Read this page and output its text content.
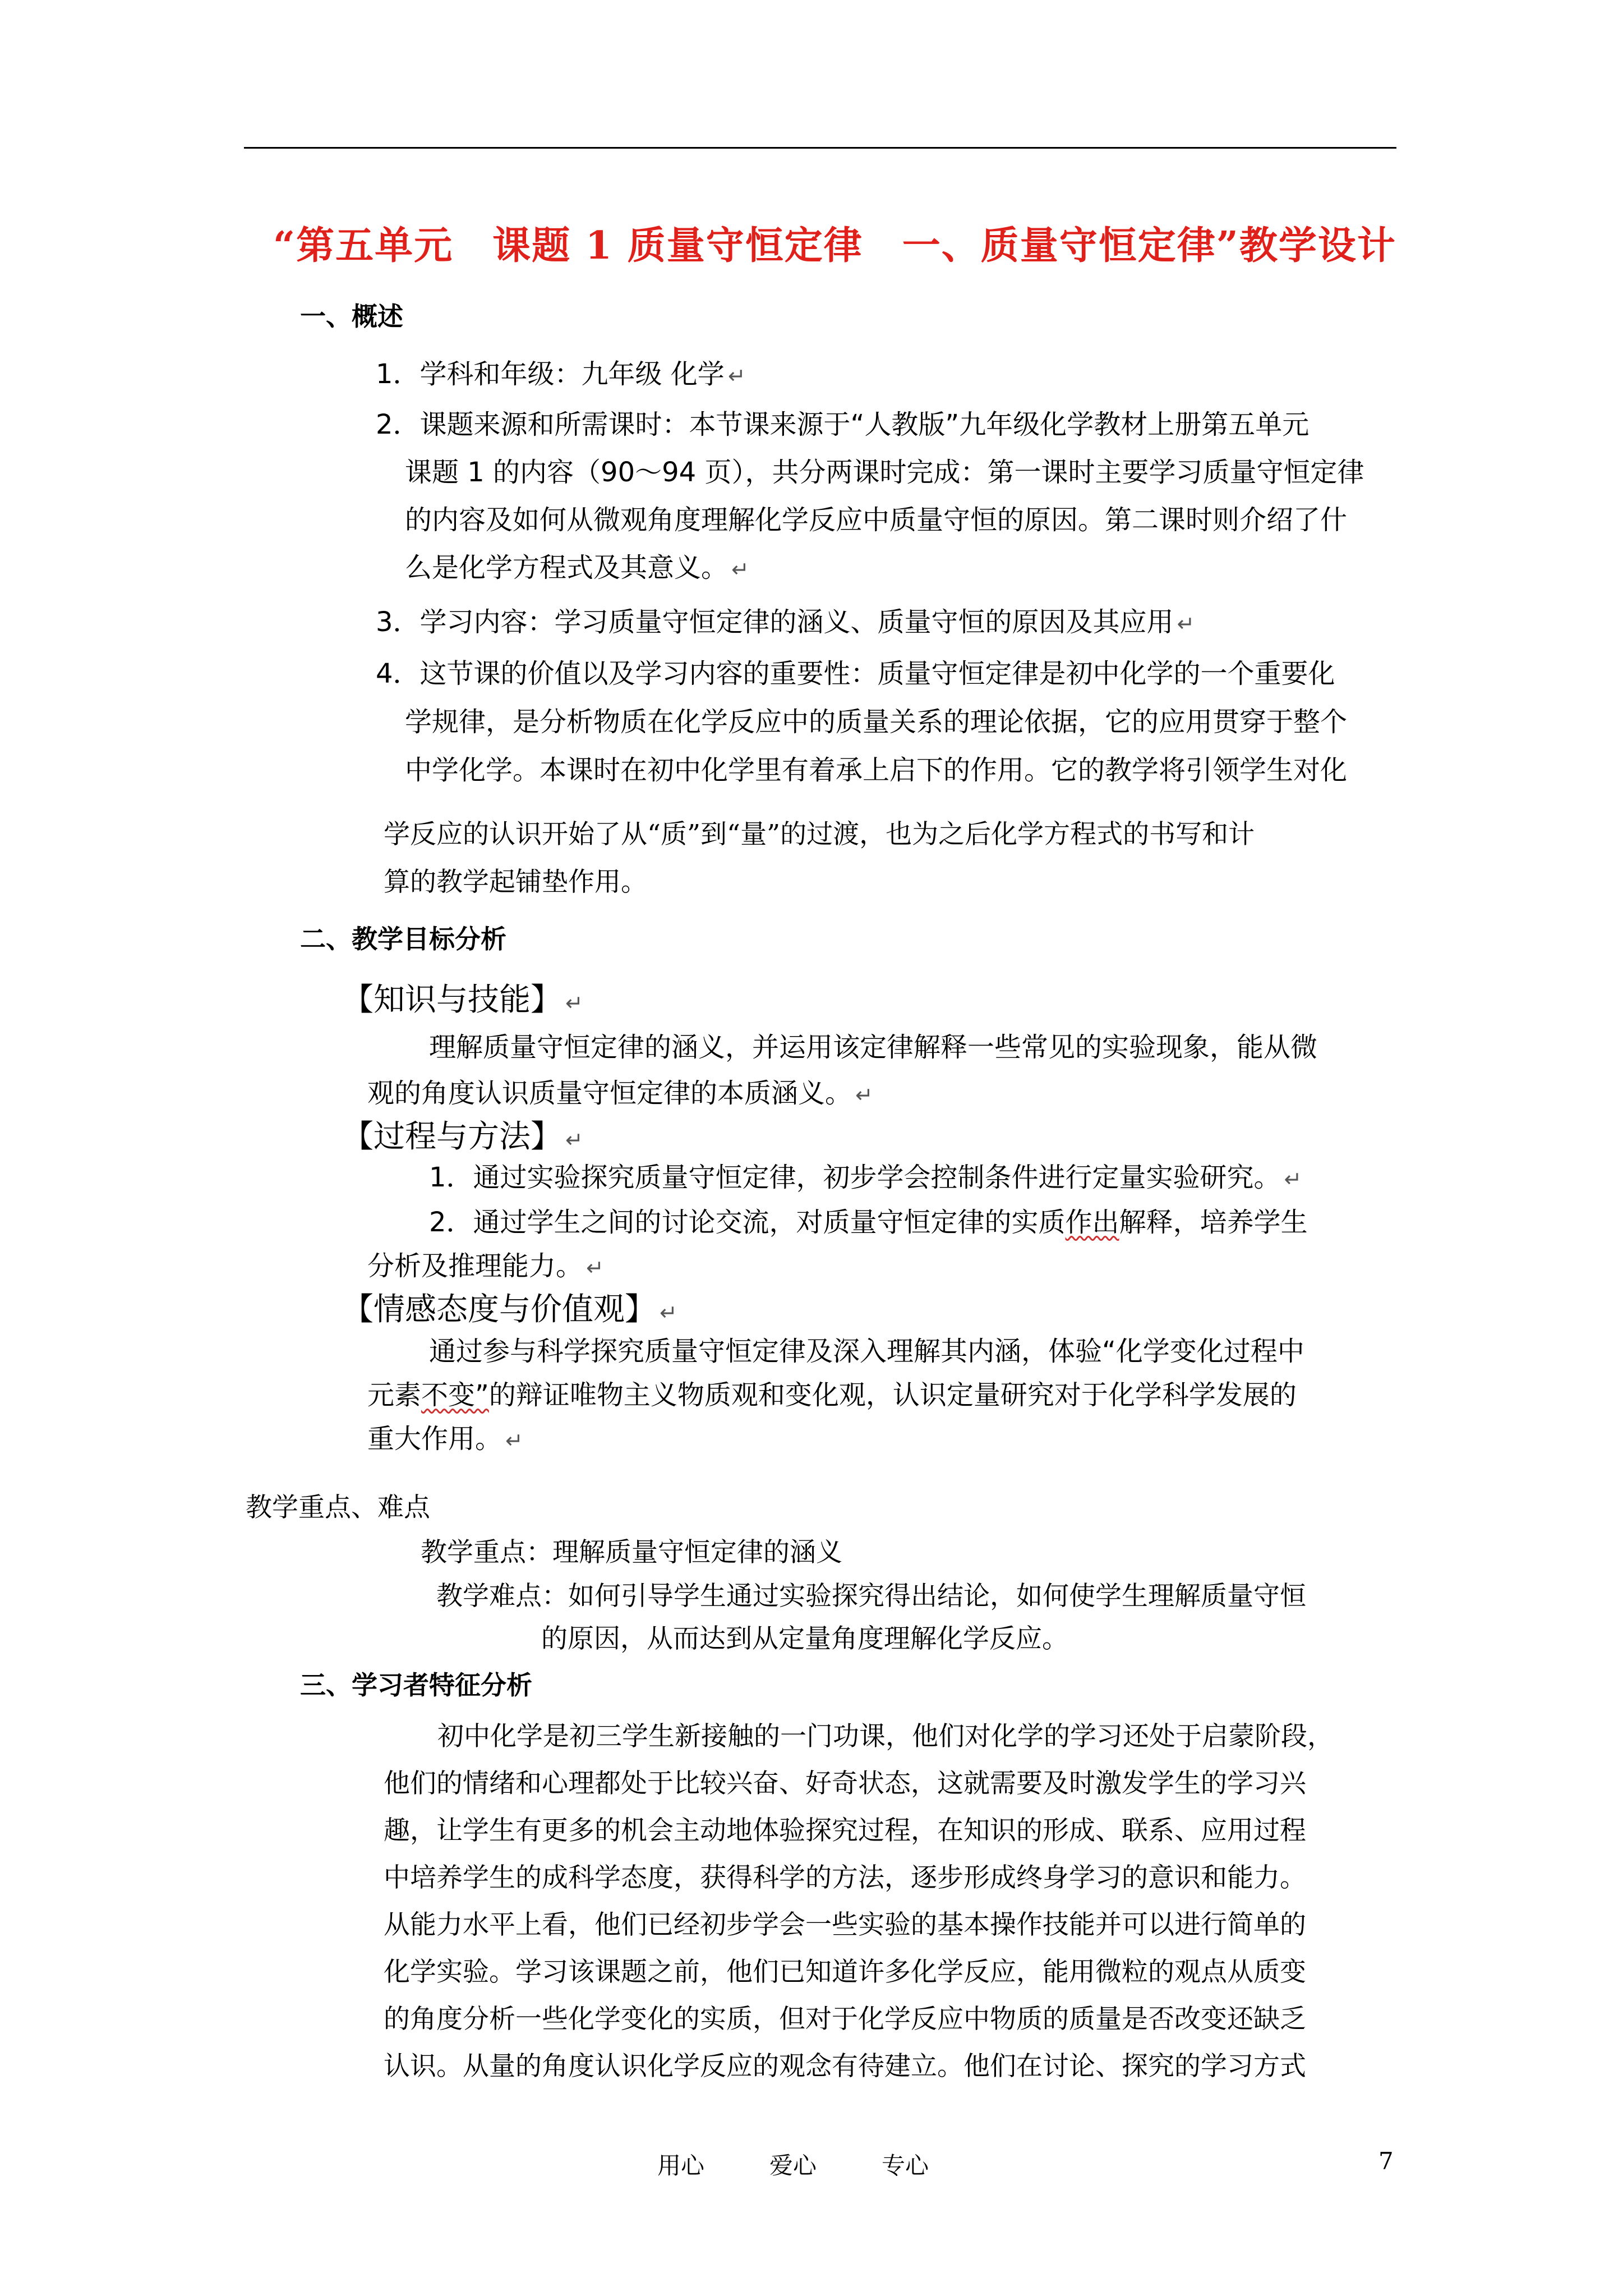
“第五单元　课题 1 质量守恒定律　一、质量守恒定律”教学设计
一、概述
1．学科和年级：九年级 化学 ↵
2．课题来源和所需课时：本节课来源于“人教版”九年级化学教材上册第五单元
课题 1 的内容（90～94 页），共分两课时完成：第一课时主要学习质量守恒定律
的内容及如何从微观角度理解化学反应中质量守恒的原因。第二课时则介绍了什
么是化学方程式及其意义。 ↵
3．学习内容：学习质量守恒定律的涵义、质量守恒的原因及其应用 ↵
4．这节课的价值以及学习内容的重要性：质量守恒定律是初中化学的一个重要化
学规律，是分析物质在化学反应中的质量关系的理论依据，它的应用贯穿于整个
中学化学。本课时在初中化学里有着承上启下的作用。它的教学将引领学生对化
学反应的认识开始了从“质”到“量”的过渡，也为之后化学方程式的书写和计
算的教学起铺垫作用。
二、教学目标分析
【知识与技能】 ↵
理解质量守恒定律的涵义，并运用该定律解释一些常见的实验现象，能从微
观的角度认识质量守恒定律的本质涵义。 ↵
【过程与方法】 ↵
1．通过实验探究质量守恒定律，初步学会控制条件进行定量实验研究。 ↵
2．通过学生之间的讨论交流，对质量守恒定律的实质作出解释，培养学生
分析及推理能力。 ↵
【情感态度与价值观】 ↵
通过参与科学探究质量守恒定律及深入理解其内涵，体验“化学变化过程中
元素不变”的辩证唯物主义物质观和变化观，认识定量研究对于化学科学发展的
重大作用。 ↵
教学重点、难点
教学重点：理解质量守恒定律的涵义
教学难点：如何引导学生通过实验探究得出结论，如何使学生理解质量守恒
的原因，从而达到从定量角度理解化学反应。
三、学习者特征分析
初中化学是初三学生新接触的一门功课，他们对化学的学习还处于启蒙阶段，
他们的情绪和心理都处于比较兴奋、好奇状态，这就需要及时激发学生的学习兴
趣，让学生有更多的机会主动地体验探究过程，在知识的形成、联系、应用过程
中培养学生的成科学态度，获得科学的方法，逐步形成终身学习的意识和能力。
从能力水平上看，他们已经初步学会一些实验的基本操作技能并可以进行简单的
化学实验。学习该课题之前，他们已知道许多化学反应，能用微粒的观点从质变
的角度分析一些化学变化的实质，但对于化学反应中物质的质量是否改变还缺乏
认识。从量的角度认识化学反应的观念有待建立。他们在讨论、探究的学习方式
用心	爱心	专心	7
